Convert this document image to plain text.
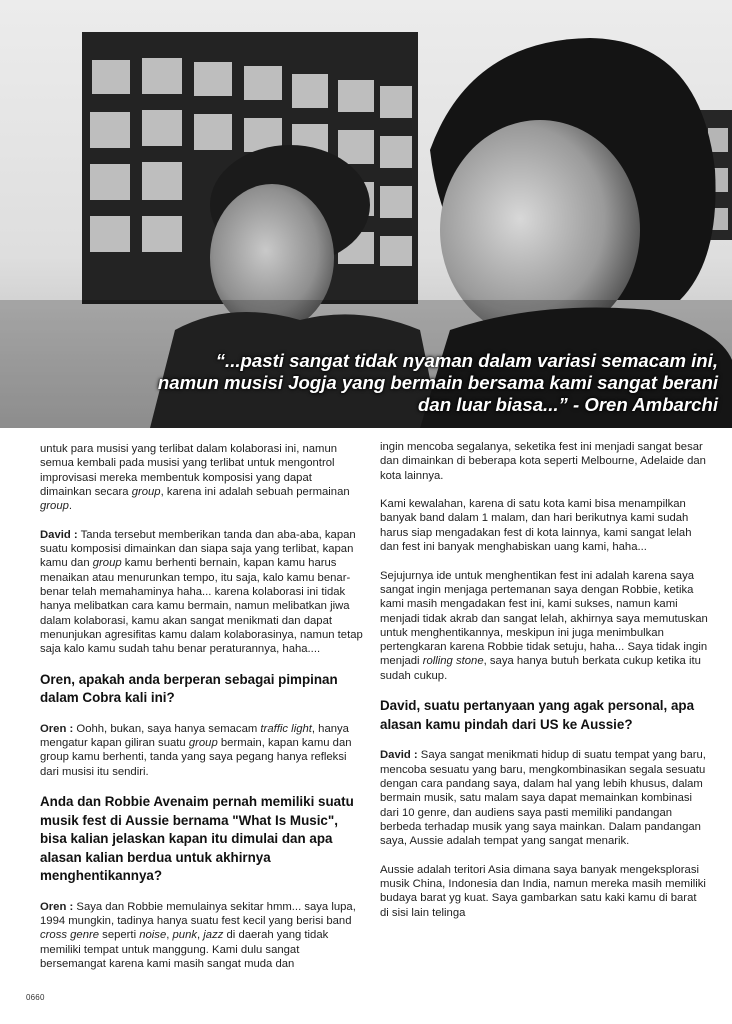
“...pasti sangat tidak nyaman dalam variasi semacam ini,
namun musisi Jogja yang bermain bersama kami sangat berani
dan luar biasa...” - Oren Ambarchi

untuk para musisi yang terlibat dalam kolaborasi ini, namun semua kembali pada musisi yang terlibat untuk mengontrol improvisasi mereka membentuk komposisi yang dapat dimainkan secara group, karena ini adalah sebuah permainan group.

David : Tanda tersebut memberikan tanda dan aba-aba, kapan suatu komposisi dimainkan dan siapa saja yang terlibat, kapan kamu dan group kamu berhenti bernain, kapan kamu harus menaikan atau menurunkan tempo, itu saja, kalo kamu benar-benar telah memahaminya haha... karena kolaborasi ini tidak hanya melibatkan cara kamu bermain, namun melibatkan jiwa dalam kolaborasi, kamu akan sangat menikmati dan dapat menunjukan agresifitas kamu dalam kolaborasinya, namun tetap saja kalo kamu sudah tahu benar peraturannya, haha....

Oren, apakah anda berperan sebagai pimpinan dalam Cobra kali ini?

Oren : Oohh, bukan, saya hanya semacam traffic light, hanya mengatur kapan giliran suatu group bermain, kapan kamu dan group kamu berhenti, tanda yang saya pegang hanya refleksi dari musisi itu sendiri.

Anda dan Robbie Avenaim pernah memiliki suatu musik fest di Aussie bernama "What Is Music", bisa kalian jelaskan kapan itu dimulai dan apa alasan kalian berdua untuk akhirnya menghentikannya?

Oren : Saya dan Robbie memulainya sekitar hmm... saya lupa, 1994 mungkin, tadinya hanya suatu fest kecil yang berisi band cross genre seperti noise, punk, jazz di daerah yang tidak memiliki tempat untuk manggung. Kami dulu sangat bersemangat karena kami masih sangat muda dan

ingin mencoba segalanya, seketika fest ini menjadi sangat besar dan dimainkan di beberapa kota seperti Melbourne, Adelaide dan kota lainnya.

Kami kewalahan, karena di satu kota kami bisa menampilkan banyak band dalam 1 malam, dan hari berikutnya kami sudah harus siap mengadakan fest di kota lainnya, kami sangat lelah dan fest ini banyak menghabiskan uang kami, haha...

Sejujurnya ide untuk menghentikan fest ini adalah karena saya sangat ingin menjaga pertemanan saya dengan Robbie, ketika kami masih mengadakan fest ini, kami sukses, namun kami menjadi tidak akrab dan sangat lelah, akhirnya saya memutuskan untuk menghentikannya, meskipun ini juga menimbulkan pertengkaran karena Robbie tidak setuju, haha... Saya tidak ingin menjadi rolling stone, saya hanya butuh berkata cukup ketika itu sudah cukup.

David, suatu pertanyaan yang agak personal, apa alasan kamu pindah dari US ke Aussie?

David : Saya sangat menikmati hidup di suatu tempat yang baru, mencoba sesuatu yang baru, mengkombinasikan segala sesuatu dengan cara pandang saya, dalam hal yang lebih khusus, dalam bermain musik, satu malam saya dapat memainkan kombinasi dari 10 genre, dan audiens saya pasti memiliki pandangan berbeda terhadap musik yang saya mainkan. Dalam pandangan saya, Aussie adalah tempat yang sangat menarik.

Aussie adalah teritori Asia dimana saya banyak mengeksplorasi musik China, Indonesia dan India, namun mereka masih memiliki budaya barat yg kuat. Saya gambarkan satu kaki kamu di barat di sisi lain telinga

0660
